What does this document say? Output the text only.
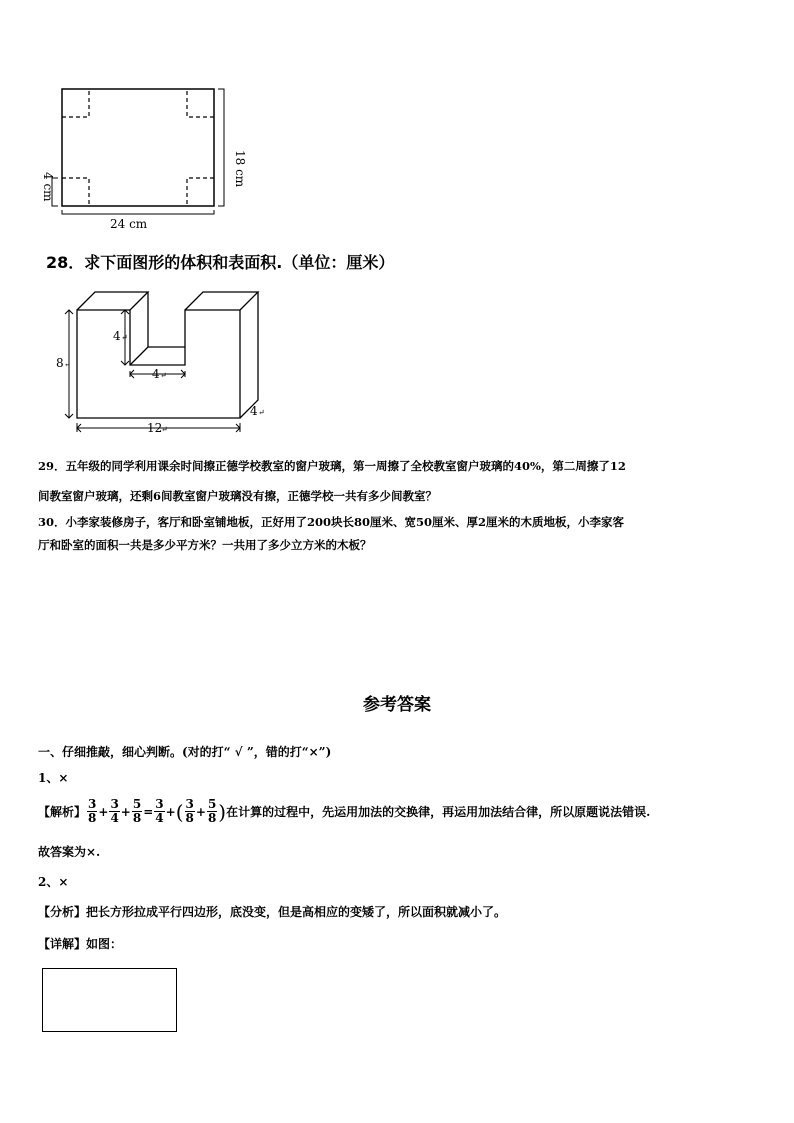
18 cm
4 cm
24 cm
28．求下面图形的体积和表面积.（单位：厘米）
8 ↵
4 ↵
4 ↵
12
↵
4 ↵
29．五年级的同学利用课余时间擦正德学校教室的窗户玻璃，第一周擦了全校教室窗户玻璃的40%，第二周擦了12
间教室窗户玻璃，还剩6间教室窗户玻璃没有擦，正德学校一共有多少间教室？
30．小李家装修房子，客厅和卧室铺地板，正好用了200块长80厘米、宽50厘米、厚2厘米的木质地板，小李家客
厅和卧室的面积一共是多少平方米？一共用了多少立方米的木板？
参考答案
一、仔细推敲，细心判断。(对的打“ √ ”，错的打“×”)
1、×
【解析】 $\frac{3}{8} + \frac{3}{4} + \frac{5}{8} = \frac{3}{4}$ + ( $\frac{3}{8} + \frac{5}{8}$ ) 在计算的过程中，先运用加法的交换律，再运用加法结合律，所以原题说法错误.
故答案为×.
2、×
【分析】把长方形拉成平行四边形，底没变，但是高相应的变矮了，所以面积就减小了。
【详解】如图：
